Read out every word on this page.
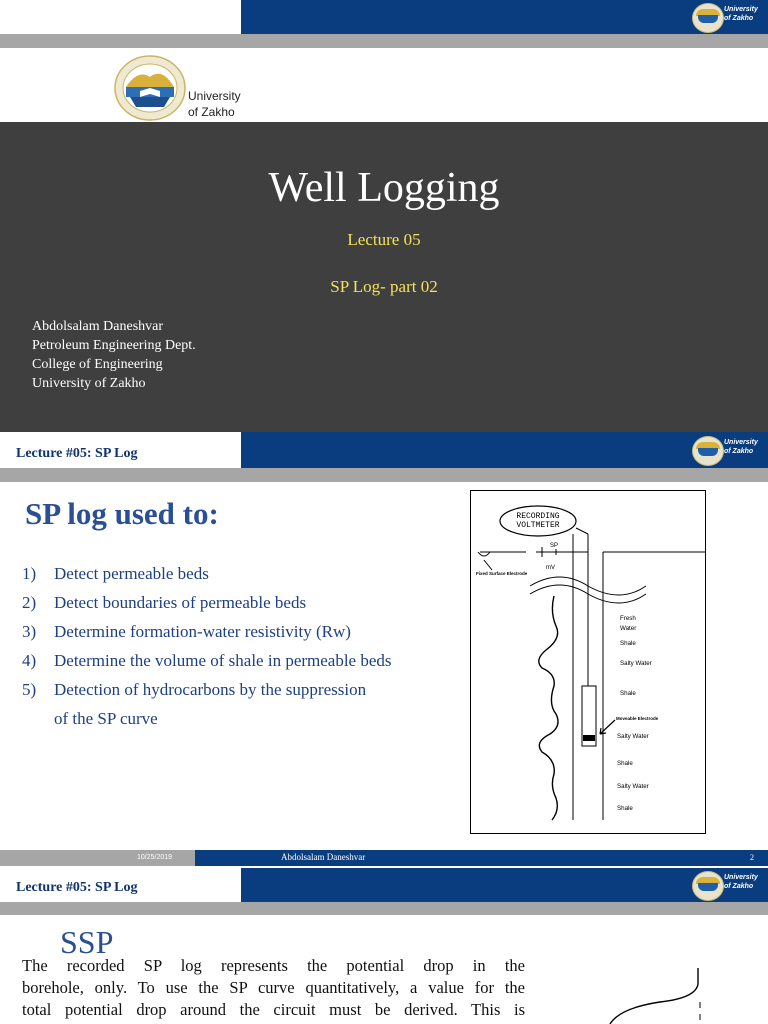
University
of Zakho
University
of Zakho
Well Logging
Lecture 05
SP Log- part 02
Abdolsalam Daneshvar
Petroleum Engineering Dept.
College of Engineering
University of Zakho
Lecture #05: SP Log
University
of Zakho
SP log used to:
1) Detect permeable beds
2) Detect boundaries of permeable beds
3) Determine formation-water resistivity (Rw)
4) Determine the volume of shale in permeable beds
5) Detection of hydrocarbons by the suppression
of the SP curve
RECORDING
VOLTMETER
SP
mV
Fixed Surface Electrode
Fresh
Water
Shale
Salty Water
Shale
Salty Water
Shale
Salty Water
Shale
Moveable Electrode
10/25/2019	Abdolsalam Daneshvar	2
Lecture #05: SP Log
University
of Zakho
SSP
The recorded SP log represents the potential drop in the
borehole, only. To use the SP curve quantitatively, a value for the
total potential drop around the circuit must be derived. This is
